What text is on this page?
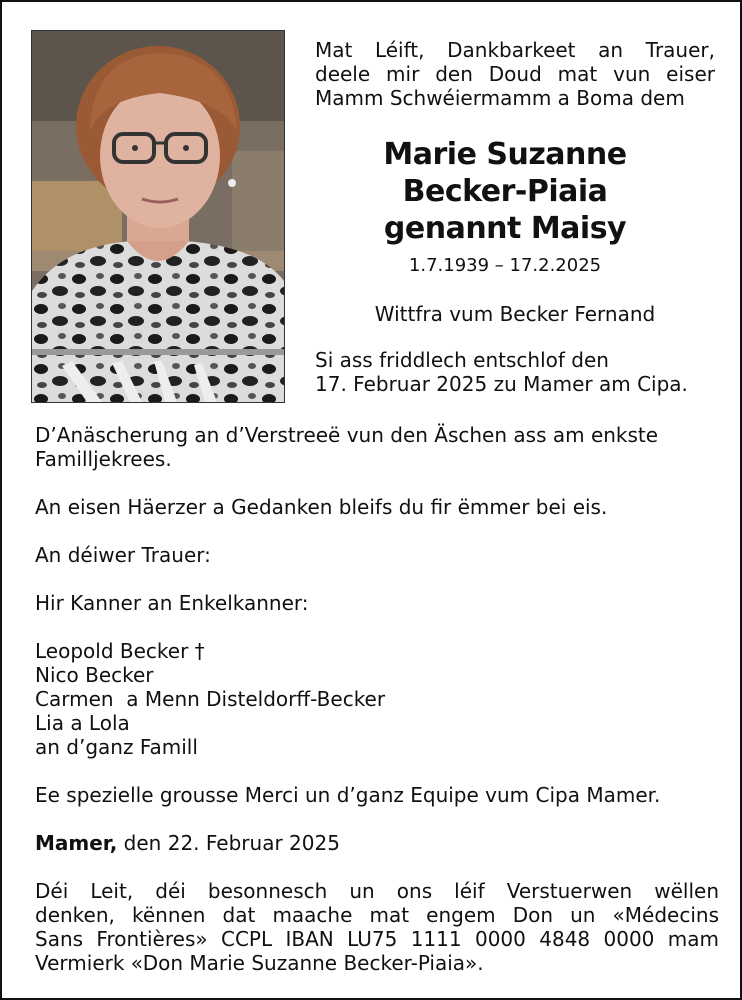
Mat Léift, Dankbarkeet an Trauer,
deele mir den Doud mat vun eiser
Mamm Schwéiermamm a Boma dem
Marie Suzanne
Becker-Piaia
genannt Maisy
1.7.1939 – 17.2.2025
Wittfra vum Becker Fernand
Si ass friddlech entschlof den
17. Februar 2025 zu Mamer am Cipa.

D’Anäscherung an d’Verstreeë vun den Äschen ass am enkste Familljekrees.

An eisen Häerzer a Gedanken bleifs du fir ëmmer bei eis.

An déiwer Trauer:

Hir Kanner an Enkelkanner:

Leopold Becker †

Nico Becker

Carmen  a Menn Disteldorff-Becker

Lia a Lola

an d’ganz Famill

Ee spezielle grousse Merci un d’ganz Equipe vum Cipa Mamer.

Mamer, den 22. Februar 2025

Déi Leit, déi besonnesch un ons léif Verstuerwen wëllen
denken, kënnen dat maache mat engem Don un «Médecins
Sans Frontières» CCPL IBAN LU75 1111 0000 4848 0000 mam
Vermierk «Don Marie Suzanne Becker-Piaia».
